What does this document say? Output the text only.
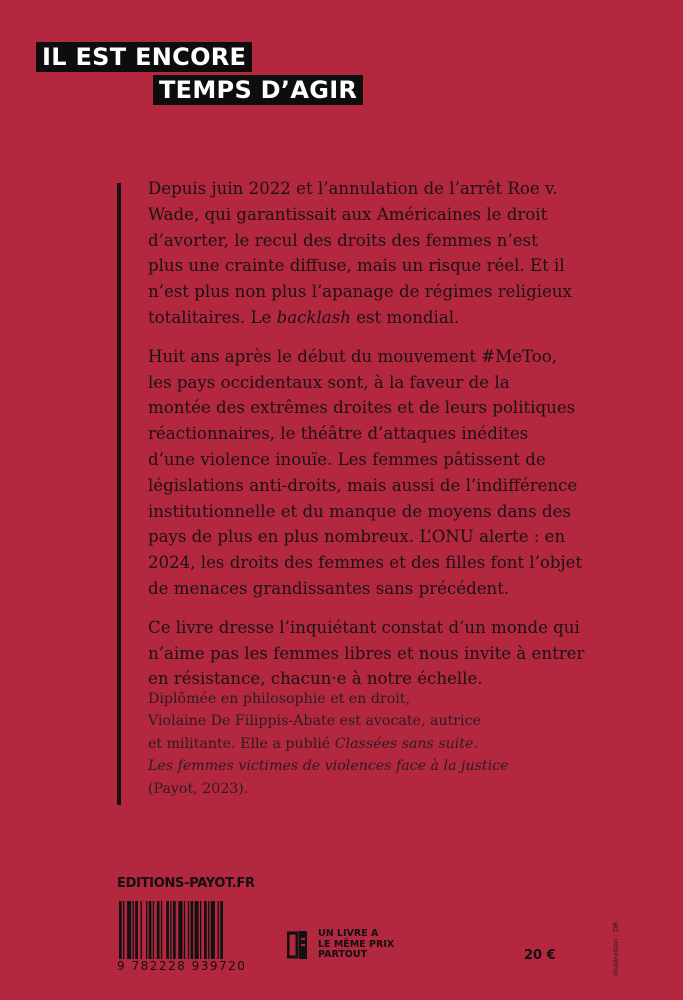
IL EST ENCORE
TEMPS D’AGIR

Depuis juin 2022 et l’annulation de l’arrêt Roe v.
Wade, qui garantissait aux Américaines le droit
d’avorter, le recul des droits des femmes n’est
plus une crainte diffuse, mais un risque réel. Et il
n’est plus non plus l’apanage de régimes religieux
totalitaires. Le backlash est mondial.

Huit ans après le début du mouvement #MeToo,
les pays occidentaux sont, à la faveur de la
montée des extrêmes droites et de leurs politiques
réactionnaires, le théâtre d’attaques inédites
d’une violence inouïe. Les femmes pâtissent de
législations anti-droits, mais aussi de l’indifférence
institutionnelle et du manque de moyens dans des
pays de plus en plus nombreux. L’ONU alerte : en
2024, les droits des femmes et des filles font l’objet
de menaces grandissantes sans précédent.

Ce livre dresse l’inquiétant constat d’un monde qui
n’aime pas les femmes libres et nous invite à entrer
en résistance, chacun·e à notre échelle.

Diplômée en philosophie et en droit,
Violaine De Filippis-Abate est avocate, autrice
et militante. Elle a publié Classées sans suite.
Les femmes victimes de violences face à la justice
(Payot, 2023).
EDITIONS-PAYOT.FR
9 782228 939720
UN LIVRE A
LE MÊME PRIX
PARTOUT	20 €	Illustration : DR
